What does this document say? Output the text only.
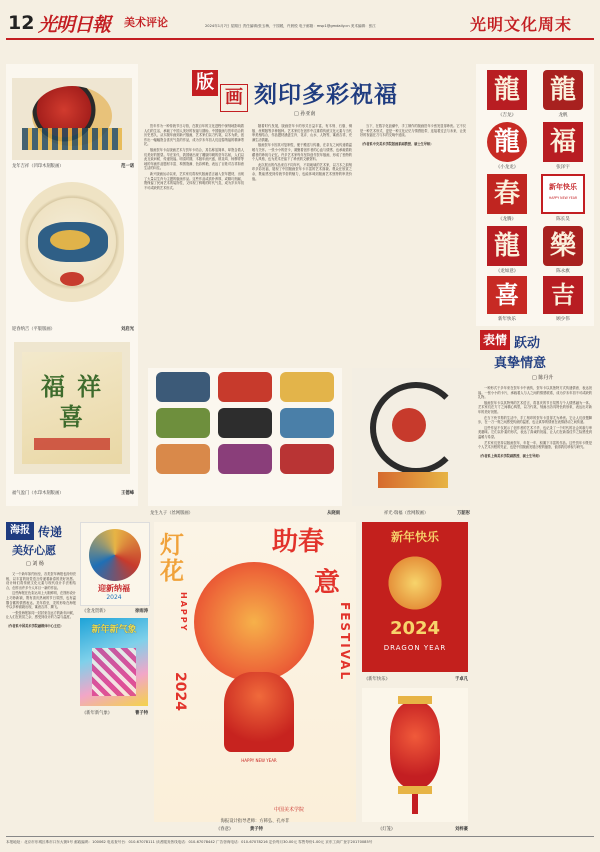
12 光明日報 美术评论	2024年1月7日 星期日 责任编辑/张玉梅，于园媛，许晨悦 电子邮箱：msp1@gmdaily.cn 美术编辑：张江	光明文化周末
龙年吉祥（凹印木刻版画）	范一诺
迎春纳吉（平版版画）	刘启光
福 祥 喜
福气盈门（水印木刻版画）	王德峰
版
画 刻印多彩祝福
□ 孙亚南

贺年作为一种传统节日习俗，在数百年的文化进程中深刻地影响着人们的生活，承载了中国人美好的祝福与期盼。中国版画与贺年结合的历史悠久，从木版年画到新兴版画，艺术家们以刀代笔，以木为纸，创作出一幅幅饱含喜庆气息的作品，成为岁末年初人们迎春纳福的精神寄托。

版画贺年卡由版画艺术与贺年卡结合，其名称虽简单，却饱含着人们美好的愿望。早在宋代，我国就出现了雕版印刷的贺年名帖，人们以此互致问候、传递祝福。明清时期，木版年画兴盛，桃花坞、杨柳青等地的年画作品题材丰富、构图饱满、色彩鲜艳，表达了百姓对吉祥如意生活的向往。

新兴版画运动以来，艺术家们将现代版画语言融入贺年题材，出现了大量以生肖为主题的版画作品。这些作品或质朴浑厚，或精巧细腻，既保留了民间艺术的装饰性，又体现了鲜明的时代气息，成为岁末年初不可或缺的艺术形式。

随着时代发展，版画贺年卡的形式日益丰富，有木刻、石版、铜版、丝网版等多种版种。艺术家们在创作中注重将传统文化元素与当代审美相结合，作品题材涵盖生肖、花卉、山水、人物等，寓意吉祥，充满生活情趣。

版画贺年卡因其可复制性，便于赠送与传播，在亲友之间传递着温暖与关怀。一张小小的贺卡，凝聚着创作者的心血与情感，也承载着收藏者的珍视与记忆。许多艺术家每年坚持创作贺年版画，形成了独特的个人风格，也为美术史留下了珍贵的文献资料。

此次展出的作品来自不同年代、不同地域的艺术家，以刀木之韵刻印多彩祝福，展现了中国版画贺年卡丰富的艺术面貌。观众在欣赏之余，既能感受到传统节俗的魅力，也能体味到版画艺术独特的审美价值。

当下，在数字化浪潮中，手工制作的版画贺年卡愈发显得珍贵。它不仅是一种艺术形式，更是一种文化记忆与情感纽带，连接着过去与未来，让美好的祝福在刀与木的交响中延续。

（作者系中央美术学院版画系副教授、硕士生导师）

龙生九子（丝网版画）	从晓雨	祥光·瑞福（丝网版画）	万韶彤
龍
《吉龙》
龍
龙帆
龍
《小龙龙》
福
张泽宇
春
《龙腾》
新年快乐
HAPPY NEW YEAR
陈长昊
龍
《龙如意》
樂
陈永旗
喜
新年快乐
吉
顾少伟
表情 跃动
真挚情意
□ 陈丹升

一种形式于多年来在贺年卡中流传，贺年卡以其独特方式传递情意、表达祝福。一张小小的卡片，承载着人与人之间的情感联系，成为岁末年初不可或缺的礼物。

版画贺年卡以其特殊的艺术语言，将喜庆的节日氛围与个人情感融为一体。艺术家们在方寸之间精心构思，以刀代笔，刻画出各具特色的形象，表达出对新年的美好祝愿。

在当下快节奏的生活中，手工刻印的贺年卡显得尤为珍贵。它让人们放慢脚步，在一刀一刻之间感受传统的温度，也让真挚的情意在表情跃动之间传递。

这些作品不仅展示了创作者的艺术才华，也记录了一个时代的社会风貌与审美趣味。它们以朴素的形式，表达了真诚的祝福，让人们在新春佳节之际感受到温暖与希望。

艺术家们坚持以版画贺年，年复一年，积累下丰富的作品。这些贺年卡既是个人艺术历程的见证，也是中国版画发展历程的缩影，值得我们珍视与研究。

（作者系上海美术学院副教授、硕士生导师）

海报 传递
美好心愿
□ 刘 杨

又一个新年如约而至，各类贺年海报也纷纷亮相，以丰富的视觉语言传递着新春的美好祝愿。设计师们将传统文化元素与现代设计手法相结合，创作出许多令人耳目一新的作品。

这些海报在色彩运用上大胆鲜明，在图形设计上巧妙新颖，既有喜庆热闹的节日氛围，也有温馨含蓄的情感表达。龙年将至，龙的形象在海报中以多种面貌出现，寓意吉祥、腾飞。

一张张海报如同一封封来自远方的新年问候，让人们在欣赏之余，感受到设计的力量与温度。

（作者系中国美术学院融媒体中心主任）

迎新纳福
2024
《金龙贺新》	徐雨涛
新年新气象
《新年新气象》	曹子特
灯花
HAPPY
2024
助春
意
FESTIVAL
HAPPY NEW YEAR
中国美术学院
《春意》	黄子特
海报设计指导老师：方韩弘、孔亦非
新年快乐
2024
DRAGON YEAR
《新年快乐》	于卓凡
《灯笼》	刘梓豪
本报地址：北京市东城区珠市口东大街5号 邮政编码：100062 电话查号台：010-67078111 读者服务热线电话：010-67078442 广告咨询电话：010-67078216 定价每月30.00元 零售每份1.00元 京东工商广登字20170085号
